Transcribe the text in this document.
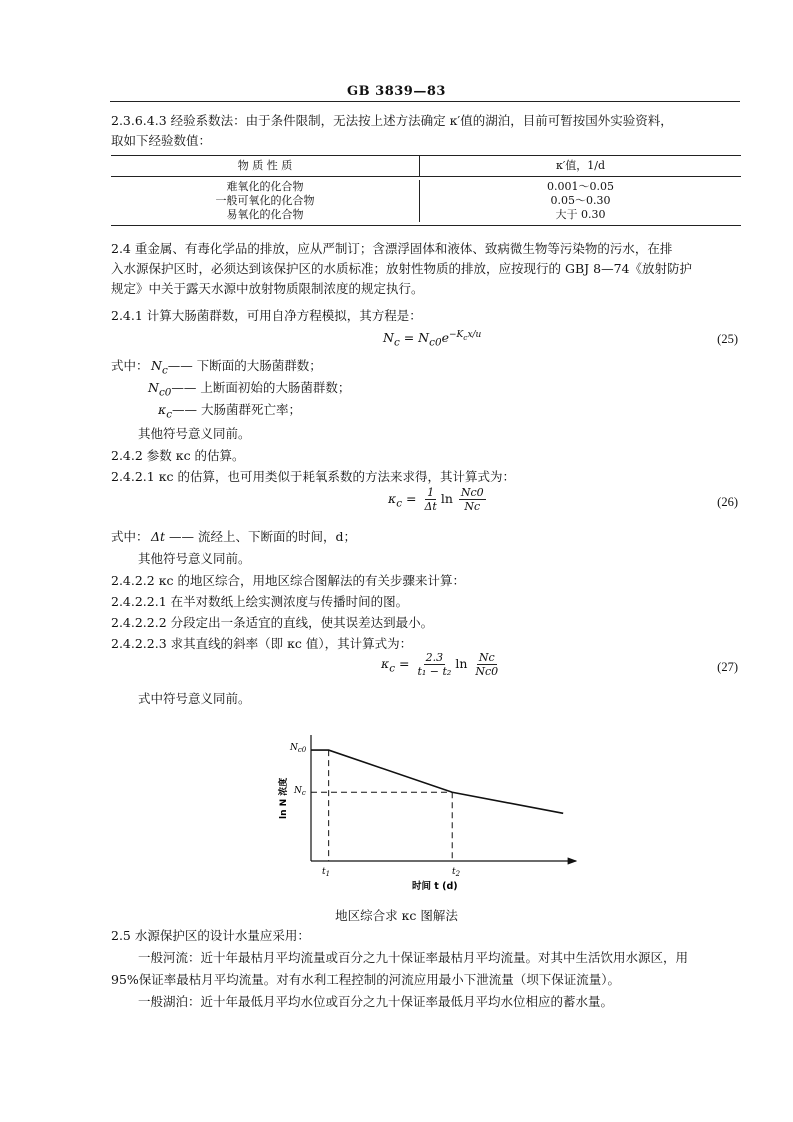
GB 3839—83
2.3.6.4.3 经验系数法：由于条件限制，无法按上述方法确定 κ′值的湖泊，目前可暂按国外实验资料，
取如下经验数值：
物 质 性 质	κ′值，1/d
难氧化的化合物	0.001～0.05
一般可氧化的化合物	0.05～0.30
易氧化的化合物	大于 0.30
2.4 重金属、有毒化学品的排放，应从严制订；含漂浮固体和液体、致病微生物等污染物的污水，在排
入水源保护区时，必须达到该保护区的水质标准；放射性物质的排放，应按现行的 GBJ 8—74《放射防护
规定》中关于露天水源中放射物质限制浓度的规定执行。
2.4.1 计算大肠菌群数，可用自净方程模拟，其方程是：
$N_c = N_{c0}e^{-K_cx/u}$	(25)
式中： $N_c——$ 下断面的大肠菌群数；
$N_{c0}——$ 上断面初始的大肠菌群数；
$\kappa_c——$ 大肠菌群死亡率；
其他符号意义同前。
2.4.2 参数 κc 的估算。
2.4.2.1 κc 的估算，也可用类似于耗氧系数的方法来求得，其计算式为：
$\kappa_c = \frac{1}{\Delta t}$ $\ln \frac{Nc0}{Nc}$	(26)
式中： Δt —— 流经上、下断面的时间，d；
其他符号意义同前。
2.4.2.2 κc 的地区综合，用地区综合图解法的有关步骤来计算：
2.4.2.2.1 在半对数纸上绘实测浓度与传播时间的图。
2.4.2.2.2 分段定出一条适宜的直线，使其误差达到最小。
2.4.2.2.3 求其直线的斜率（即 κc 值），其计算式为：
$\kappa_c = \frac{2.3}{\text{t₁ − t₂}}$ $\ln \frac{Nc}{Nc0}$	(27)
式中符号意义同前。
$N_{c0}$
$N_c$
$t_1$	$t_2$
ln N 浓度
时间 t (d)
地区综合求 κc 图解法
2.5 水源保护区的设计水量应采用：
一般河流：近十年最枯月平均流量或百分之九十保证率最枯月平均流量。对其中生活饮用水源区，用
95%保证率最枯月平均流量。对有水利工程控制的河流应用最小下泄流量（坝下保证流量）。
一般湖泊：近十年最低月平均水位或百分之九十保证率最低月平均水位相应的蓄水量。
